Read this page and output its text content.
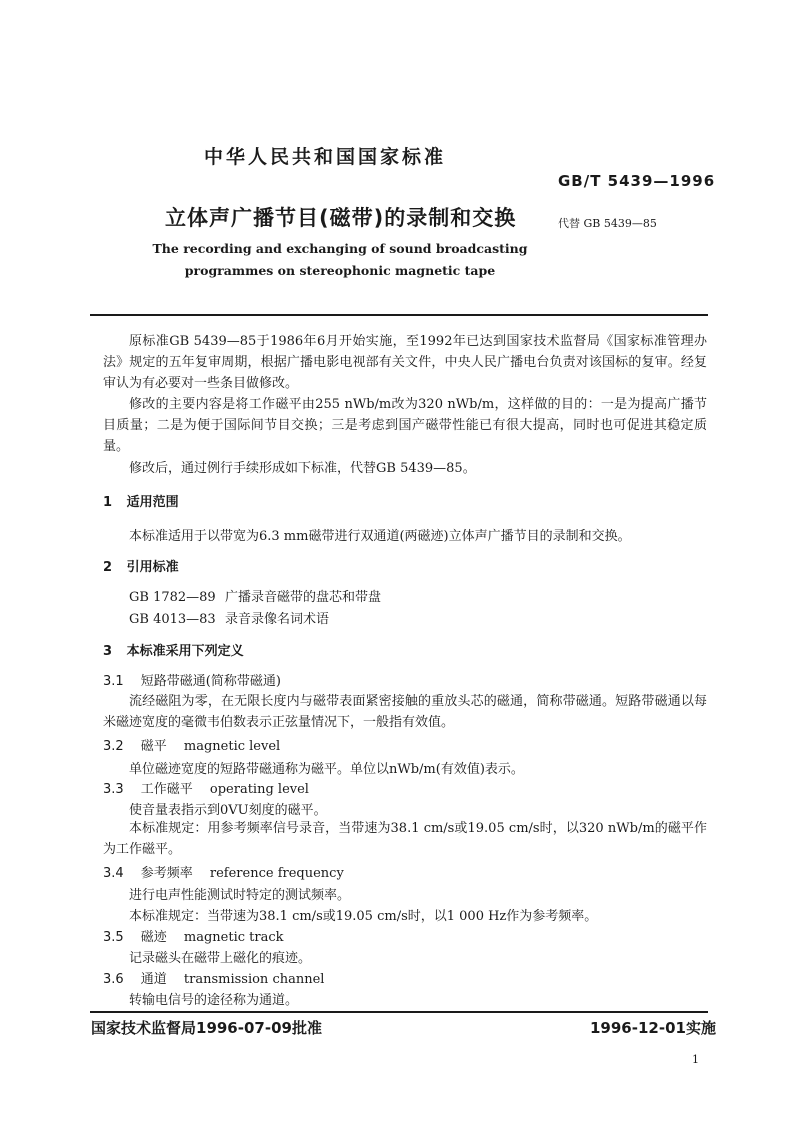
中华人民共和国国家标准
GB/T 5439—1996
立体声广播节目(磁带)的录制和交换	代替 GB 5439—85
The recording and exchanging of sound broadcasting
programmes on stereophonic magnetic tape
原标准GB 5439—85于1986年6月开始实施，至1992年已达到国家技术监督局《国家标准管理办法》规定的五年复审周期，根据广播电影电视部有关文件，中央人民广播电台负责对该国标的复审。经复审认为有必要对一些条目做修改。
修改的主要内容是将工作磁平由255 nWb/m改为320 nWb/m，这样做的目的：一是为提高广播节目质量；二是为便于国际间节目交换；三是考虑到国产磁带性能已有很大提高，同时也可促进其稳定质量。
修改后，通过例行手续形成如下标准，代替GB 5439—85。
1 适用范围
本标准适用于以带宽为6.3 mm磁带进行双通道(两磁迹)立体声广播节目的录制和交换。
2 引用标准
GB 1782—89 广播录音磁带的盘芯和带盘
GB 4013—83 录音录像名词术语
3 本标准采用下列定义
3.1 短路带磁通(简称带磁通)
流经磁阻为零，在无限长度内与磁带表面紧密接触的重放头芯的磁通，简称带磁通。短路带磁通以每米磁迹宽度的毫微韦伯数表示正弦量情况下，一般指有效值。
3.2 磁平 magnetic level
单位磁迹宽度的短路带磁通称为磁平。单位以nWb/m(有效值)表示。
3.3 工作磁平 operating level
使音量表指示到0VU刻度的磁平。
本标准规定：用参考频率信号录音，当带速为38.1 cm/s或19.05 cm/s时，以320 nWb/m的磁平作为工作磁平。
3.4 参考频率 reference frequency
进行电声性能测试时特定的测试频率。
本标准规定：当带速为38.1 cm/s或19.05 cm/s时，以1 000 Hz作为参考频率。
3.5 磁迹 magnetic track
记录磁头在磁带上磁化的痕迹。
3.6 通道 transmission channel
转输电信号的途径称为通道。
国家技术监督局1996-07-09批准	1996-12-01实施
1
